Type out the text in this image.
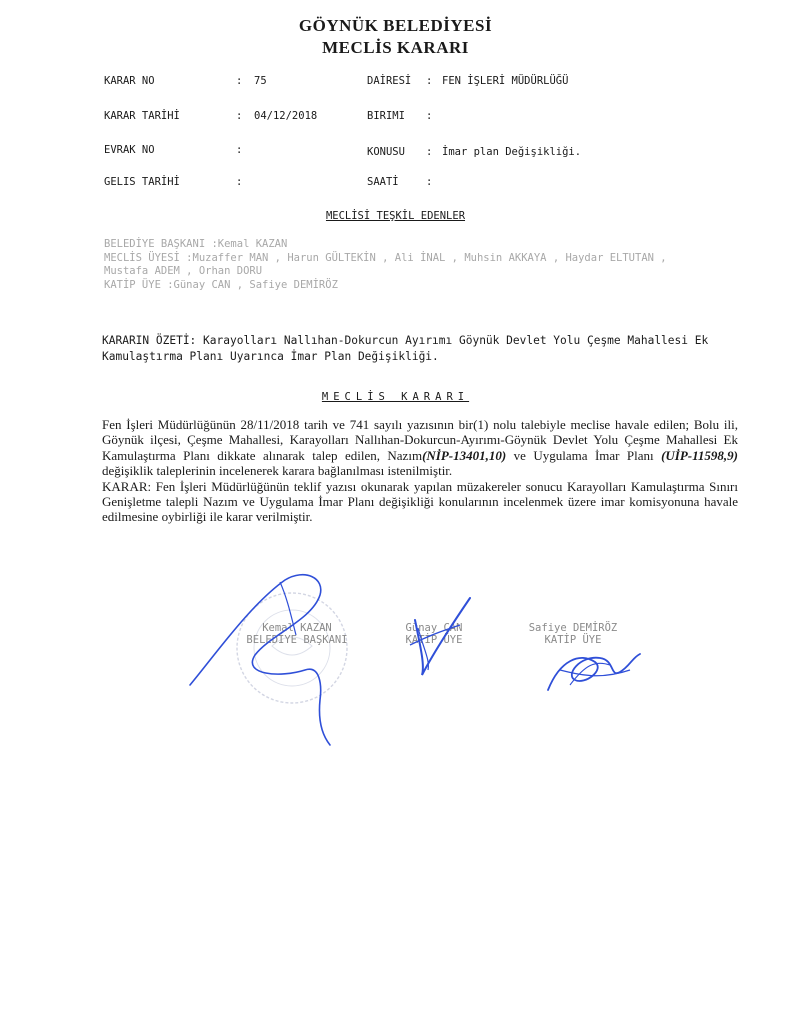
GÖYNÜK BELEDİYESİ
MECLİS KARARI
KARAR NO	: 75	DAİRESİ : FEN İŞLERİ MÜDÜRLÜĞÜ
KARAR TARİHİ	: 04/12/2018	BIRIMI :
EVRAK NO	:	KONUSU : İmar plan Değişikliği.
GELIS TARİHİ	:	SAATİ	:
MECLİSİ TEŞKİL EDENLER
BELEDİYE BAŞKANI :Kemal KAZAN
MECLİS ÜYESİ :Muzaffer MAN , Harun GÜLTEKİN , Ali İNAL , Muhsin AKKAYA , Haydar ELTUTAN ,
Mustafa ADEM , Orhan DORU
KATİP ÜYE :Günay CAN , Safiye DEMİRÖZ
KARARIN ÖZETİ: Karayolları Nallıhan-Dokurcun Ayırımı Göynük Devlet Yolu Çeşme Mahallesi Ek Kamulaştırma Planı Uyarınca İmar Plan Değişikliği.
MECLİS KARARI

Fen İşleri Müdürlüğünün 28/11/2018 tarih ve 741 sayılı yazısının bir(1) nolu talebiyle meclise havale edilen; Bolu ili, Göynük ilçesi, Çeşme Mahallesi, Karayolları Nallıhan-Dokurcun-Ayırımı-Göynük Devlet Yolu Çeşme Mahallesi Ek Kamulaştırma Planı dikkate alınarak talep edilen, Nazım(NİP-13401,10) ve Uygulama İmar Planı (UİP-11598,9) değişiklik taleplerinin incelenerek karara bağlanılması istenilmiştir.

KARAR: Fen İşleri Müdürlüğünün teklif yazısı okunarak yapılan müzakereler sonucu Karayolları Kamulaştırma Sınırı Genişletme talepli Nazım ve Uygulama İmar Planı değişikliği konularının incelenmek üzere imar komisyonuna havale edilmesine oybirliği ile karar verilmiştir.

Kemal KAZAN
BELEDİYE BAŞKANI
Günay CAN
KATİP ÜYE
Safiye DEMİRÖZ
KATİP ÜYE
